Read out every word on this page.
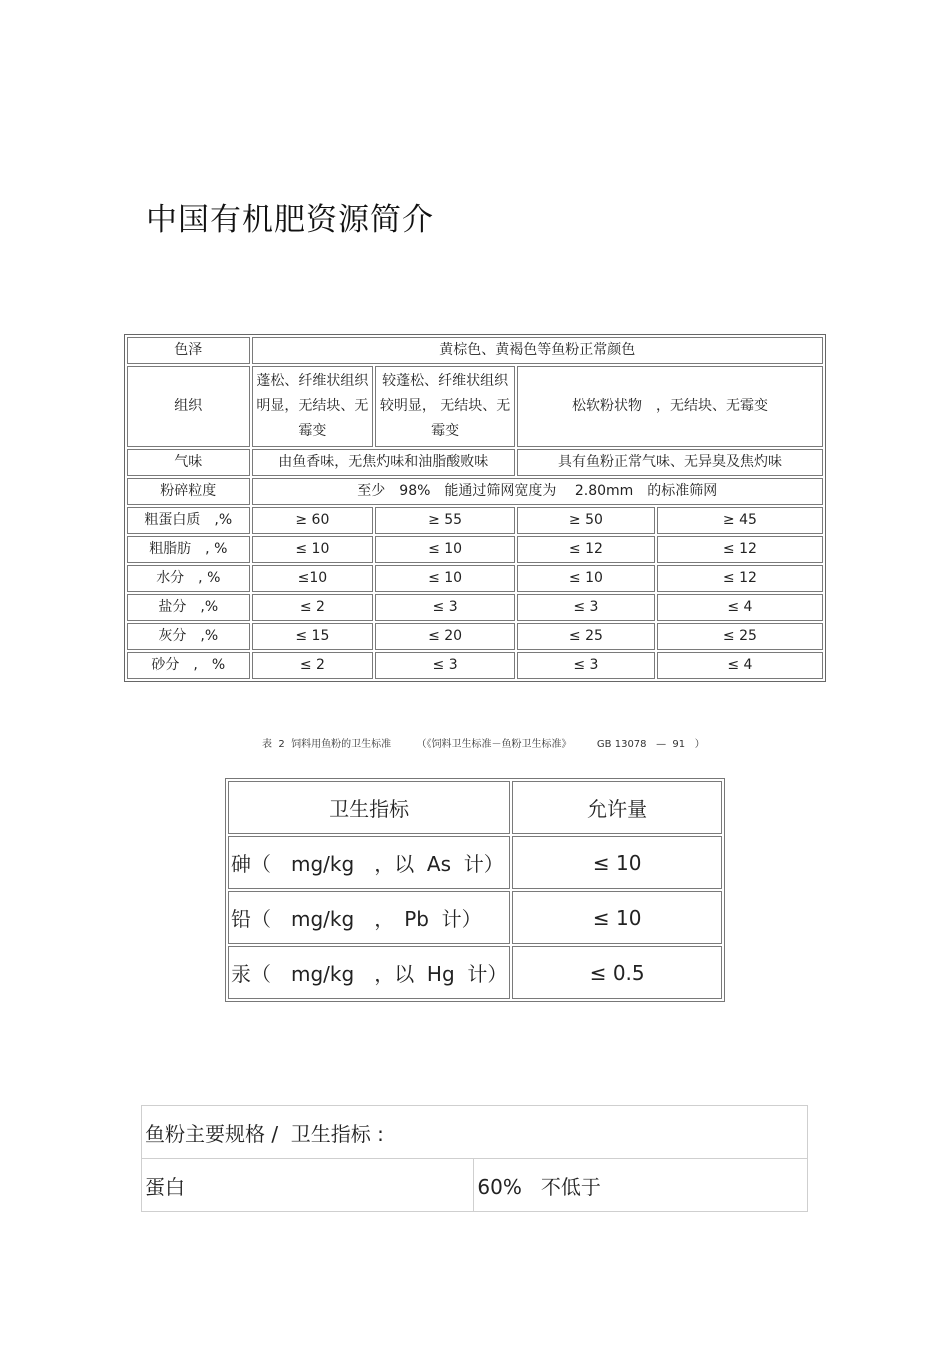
中国有机肥资源简介
色泽	黄棕色、黄褐色等鱼粉正常颜色			
组织	蓬松、纤维状组织明显，无结块、无霉变	较蓬松、纤维状组织较明显， 无结块、无霉变	松软粉状物　，无结块、无霉变	
气味	由鱼香味，无焦灼味和油脂酸败味		具有鱼粉正常气味、无异臭及焦灼味	
粉碎粒度	至少　98%　能通过筛网宽度为　 2.80mm　的标准筛网			
粗蛋白质　,%	≥ 60	≥ 55	≥ 50	≥ 45
粗脂肪　, %	≤ 10	≤ 10	≤ 12	≤ 12
水分　, %	≤10	≤ 10	≤ 10	≤ 12
盐分　,%	≤ 2	≤ 3	≤ 3	≤ 4
灰分　,%	≤ 15	≤ 20	≤ 25	≤ 25
砂分　,　%	≤ 2	≤ 3	≤ 3	≤ 4
表  2  饲料用鱼粉的卫生标准        （《饲料卫生标准－鱼粉卫生标准》        GB 13078   —  91   ）
卫生指标	允许量
砷（　mg/kg　，以  As  计）	≤ 10
铅（　mg/kg　，　Pb  计）	≤ 10
汞（　mg/kg　，以  Hg  计）	≤ 0.5
鱼粉主要规格 /  卫生指标 :
蛋白	60%   不低于
